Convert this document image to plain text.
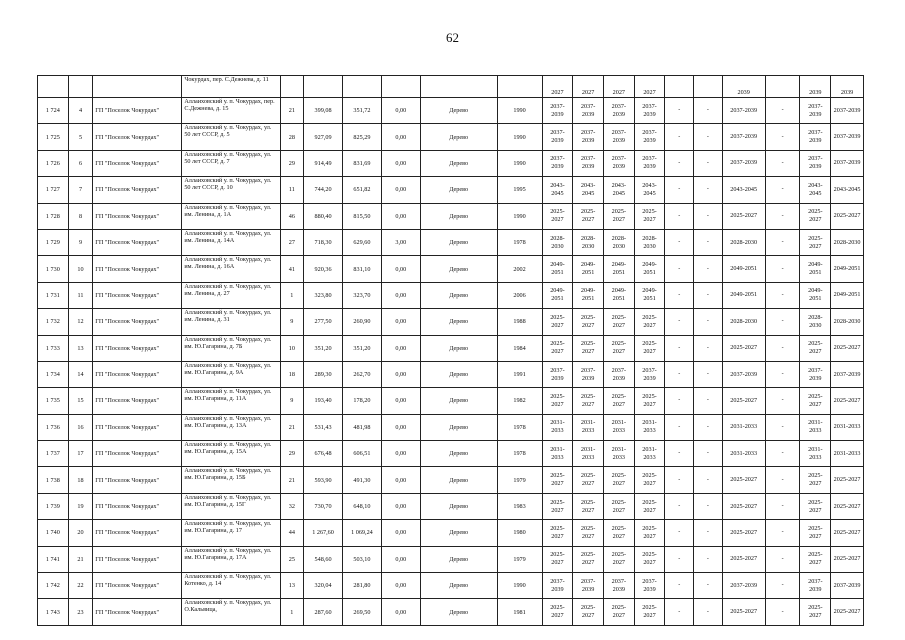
62
			Чокурдах, пер. С.Дежнева, д. 11							2027	2027	2027	2027			2039		2039	2039
1 724	4	ГП "Поселок Чокурдах"	Аллаиховский у. п. Чокурдах, пер. С.Дежнева, д. 15	21	399,08	351,72	0,00	Дерево	1990	2037-2039	2037-2039	2037-2039	2037-2039	-	-	2037-2039	-	2037-2039	2037-2039
1 725	5	ГП "Поселок Чокурдах"	Аллаиховский у. п. Чокурдах, ул. 50 лет СССР, д. 5	28	927,09	825,29	0,00	Дерево	1990	2037-2039	2037-2039	2037-2039	2037-2039	-	-	2037-2039	-	2037-2039	2037-2039
1 726	6	ГП "Поселок Чокурдах"	Аллаиховский у. п. Чокурдах, ул. 50 лет СССР, д. 7	29	914,49	831,69	0,00	Дерево	1990	2037-2039	2037-2039	2037-2039	2037-2039	-	-	2037-2039	-	2037-2039	2037-2039
1 727	7	ГП "Поселок Чокурдах"	Аллаиховский у. п. Чокурдах, ул. 50 лет СССР, д. 10	11	744,20	651,82	0,00	Дерево	1995	2043-2045	2043-2045	2043-2045	2043-2045	-	-	2043-2045	-	2043-2045	2043-2045
1 728	8	ГП "Поселок Чокурдах"	Аллаиховский у. п. Чокурдах, ул. им. Ленина, д. 1А	46	880,40	815,50	0,00	Дерево	1990	2025-2027	2025-2027	2025-2027	2025-2027	-	-	2025-2027	-	2025-2027	2025-2027
1 729	9	ГП "Поселок Чокурдах"	Аллаиховский у. п. Чокурдах, ул. им. Ленина, д. 14А	27	718,30	629,60	3,00	Дерево	1978	2028-2030	2028-2030	2028-2030	2028-2030	-	-	2028-2030	-	2025-2027	2028-2030
1 730	10	ГП "Поселок Чокурдах"	Аллаиховский у. п. Чокурдах, ул. им. Ленина, д. 16А	41	920,36	831,10	0,00	Дерево	2002	2049-2051	2049-2051	2049-2051	2049-2051	-	-	2049-2051	-	2049-2051	2049-2051
1 731	11	ГП "Поселок Чокурдах"	Аллаиховский у. п. Чокурдах, ул. им. Ленина, д. 27	1	323,80	323,70	0,00	Дерево	2006	2049-2051	2049-2051	2049-2051	2049-2051	-	-	2049-2051	-	2049-2051	2049-2051
1 732	12	ГП "Поселок Чокурдах"	Аллаиховский у. п. Чокурдах, ул. им. Ленина, д. 31	9	277,50	260,90	0,00	Дерево	1988	2025-2027	2025-2027	2025-2027	2025-2027	-	-	2028-2030	-	2028-2030	2028-2030
1 733	13	ГП "Поселок Чокурдах"	Аллаиховский у. п. Чокурдах, ул. им. Ю.Гагарина, д. 7Б	10	351,20	351,20	0,00	Дерево	1984	2025-2027	2025-2027	2025-2027	2025-2027	-	-	2025-2027	-	2025-2027	2025-2027
1 734	14	ГП "Поселок Чокурдах"	Аллаиховский у. п. Чокурдах, ул. им. Ю.Гагарина, д. 9А	18	289,30	262,70	0,00	Дерево	1991	2037-2039	2037-2039	2037-2039	2037-2039	-	-	2037-2039	-	2037-2039	2037-2039
1 735	15	ГП "Поселок Чокурдах"	Аллаиховский у. п. Чокурдах, ул. им. Ю.Гагарина, д. 11А	9	193,40	178,20	0,00	Дерево	1982	2025-2027	2025-2027	2025-2027	2025-2027	-	-	2025-2027	-	2025-2027	2025-2027
1 736	16	ГП "Поселок Чокурдах"	Аллаиховский у. п. Чокурдах, ул. им. Ю.Гагарина, д. 13А	21	531,43	481,98	0,00	Дерево	1978	2031-2033	2031-2033	2031-2033	2031-2033	-	-	2031-2033	-	2031-2033	2031-2033
1 737	17	ГП "Поселок Чокурдах"	Аллаиховский у. п. Чокурдах, ул. им. Ю.Гагарина, д. 15А	29	676,48	606,51	0,00	Дерево	1978	2031-2033	2031-2033	2031-2033	2031-2033	-	-	2031-2033	-	2031-2033	2031-2033
1 738	18	ГП "Поселок Чокурдах"	Аллаиховский у. п. Чокурдах, ул. им. Ю.Гагарина, д. 15Б	21	593,90	491,30	0,00	Дерево	1979	2025-2027	2025-2027	2025-2027	2025-2027	-	-	2025-2027	-	2025-2027	2025-2027
1 739	19	ГП "Поселок Чокурдах"	Аллаиховский у. п. Чокурдах, ул. им. Ю.Гагарина, д. 15Г	32	730,70	648,10	0,00	Дерево	1983	2025-2027	2025-2027	2025-2027	2025-2027	-	-	2025-2027	-	2025-2027	2025-2027
1 740	20	ГП "Поселок Чокурдах"	Аллаиховский у. п. Чокурдах, ул. им. Ю.Гагарина, д. 17	44	1 267,60	1 069,24	0,00	Дерево	1980	2025-2027	2025-2027	2025-2027	2025-2027	-	-	2025-2027	-	2025-2027	2025-2027
1 741	21	ГП "Поселок Чокурдах"	Аллаиховский у. п. Чокурдах, ул. им. Ю.Гагарина, д. 17А	25	548,60	503,10	0,00	Дерево	1979	2025-2027	2025-2027	2025-2027	2025-2027	-	-	2025-2027	-	2025-2027	2025-2027
1 742	22	ГП "Поселок Чокурдах"	Аллаиховский у. п. Чокурдах, ул. Котенко, д. 14	13	320,04	281,80	0,00	Дерево	1990	2037-2039	2037-2039	2037-2039	2037-2039	-	-	2037-2039	-	2037-2039	2037-2039
1 743	23	ГП "Поселок Чокурдах"	Аллаиховский у. п. Чокурдах, ул. О.Кальвица,	1	287,60	269,50	0,00	Дерево	1981	2025-2027	2025-2027	2025-2027	2025-2027	-	-	2025-2027	-	2025-2027	2025-2027
